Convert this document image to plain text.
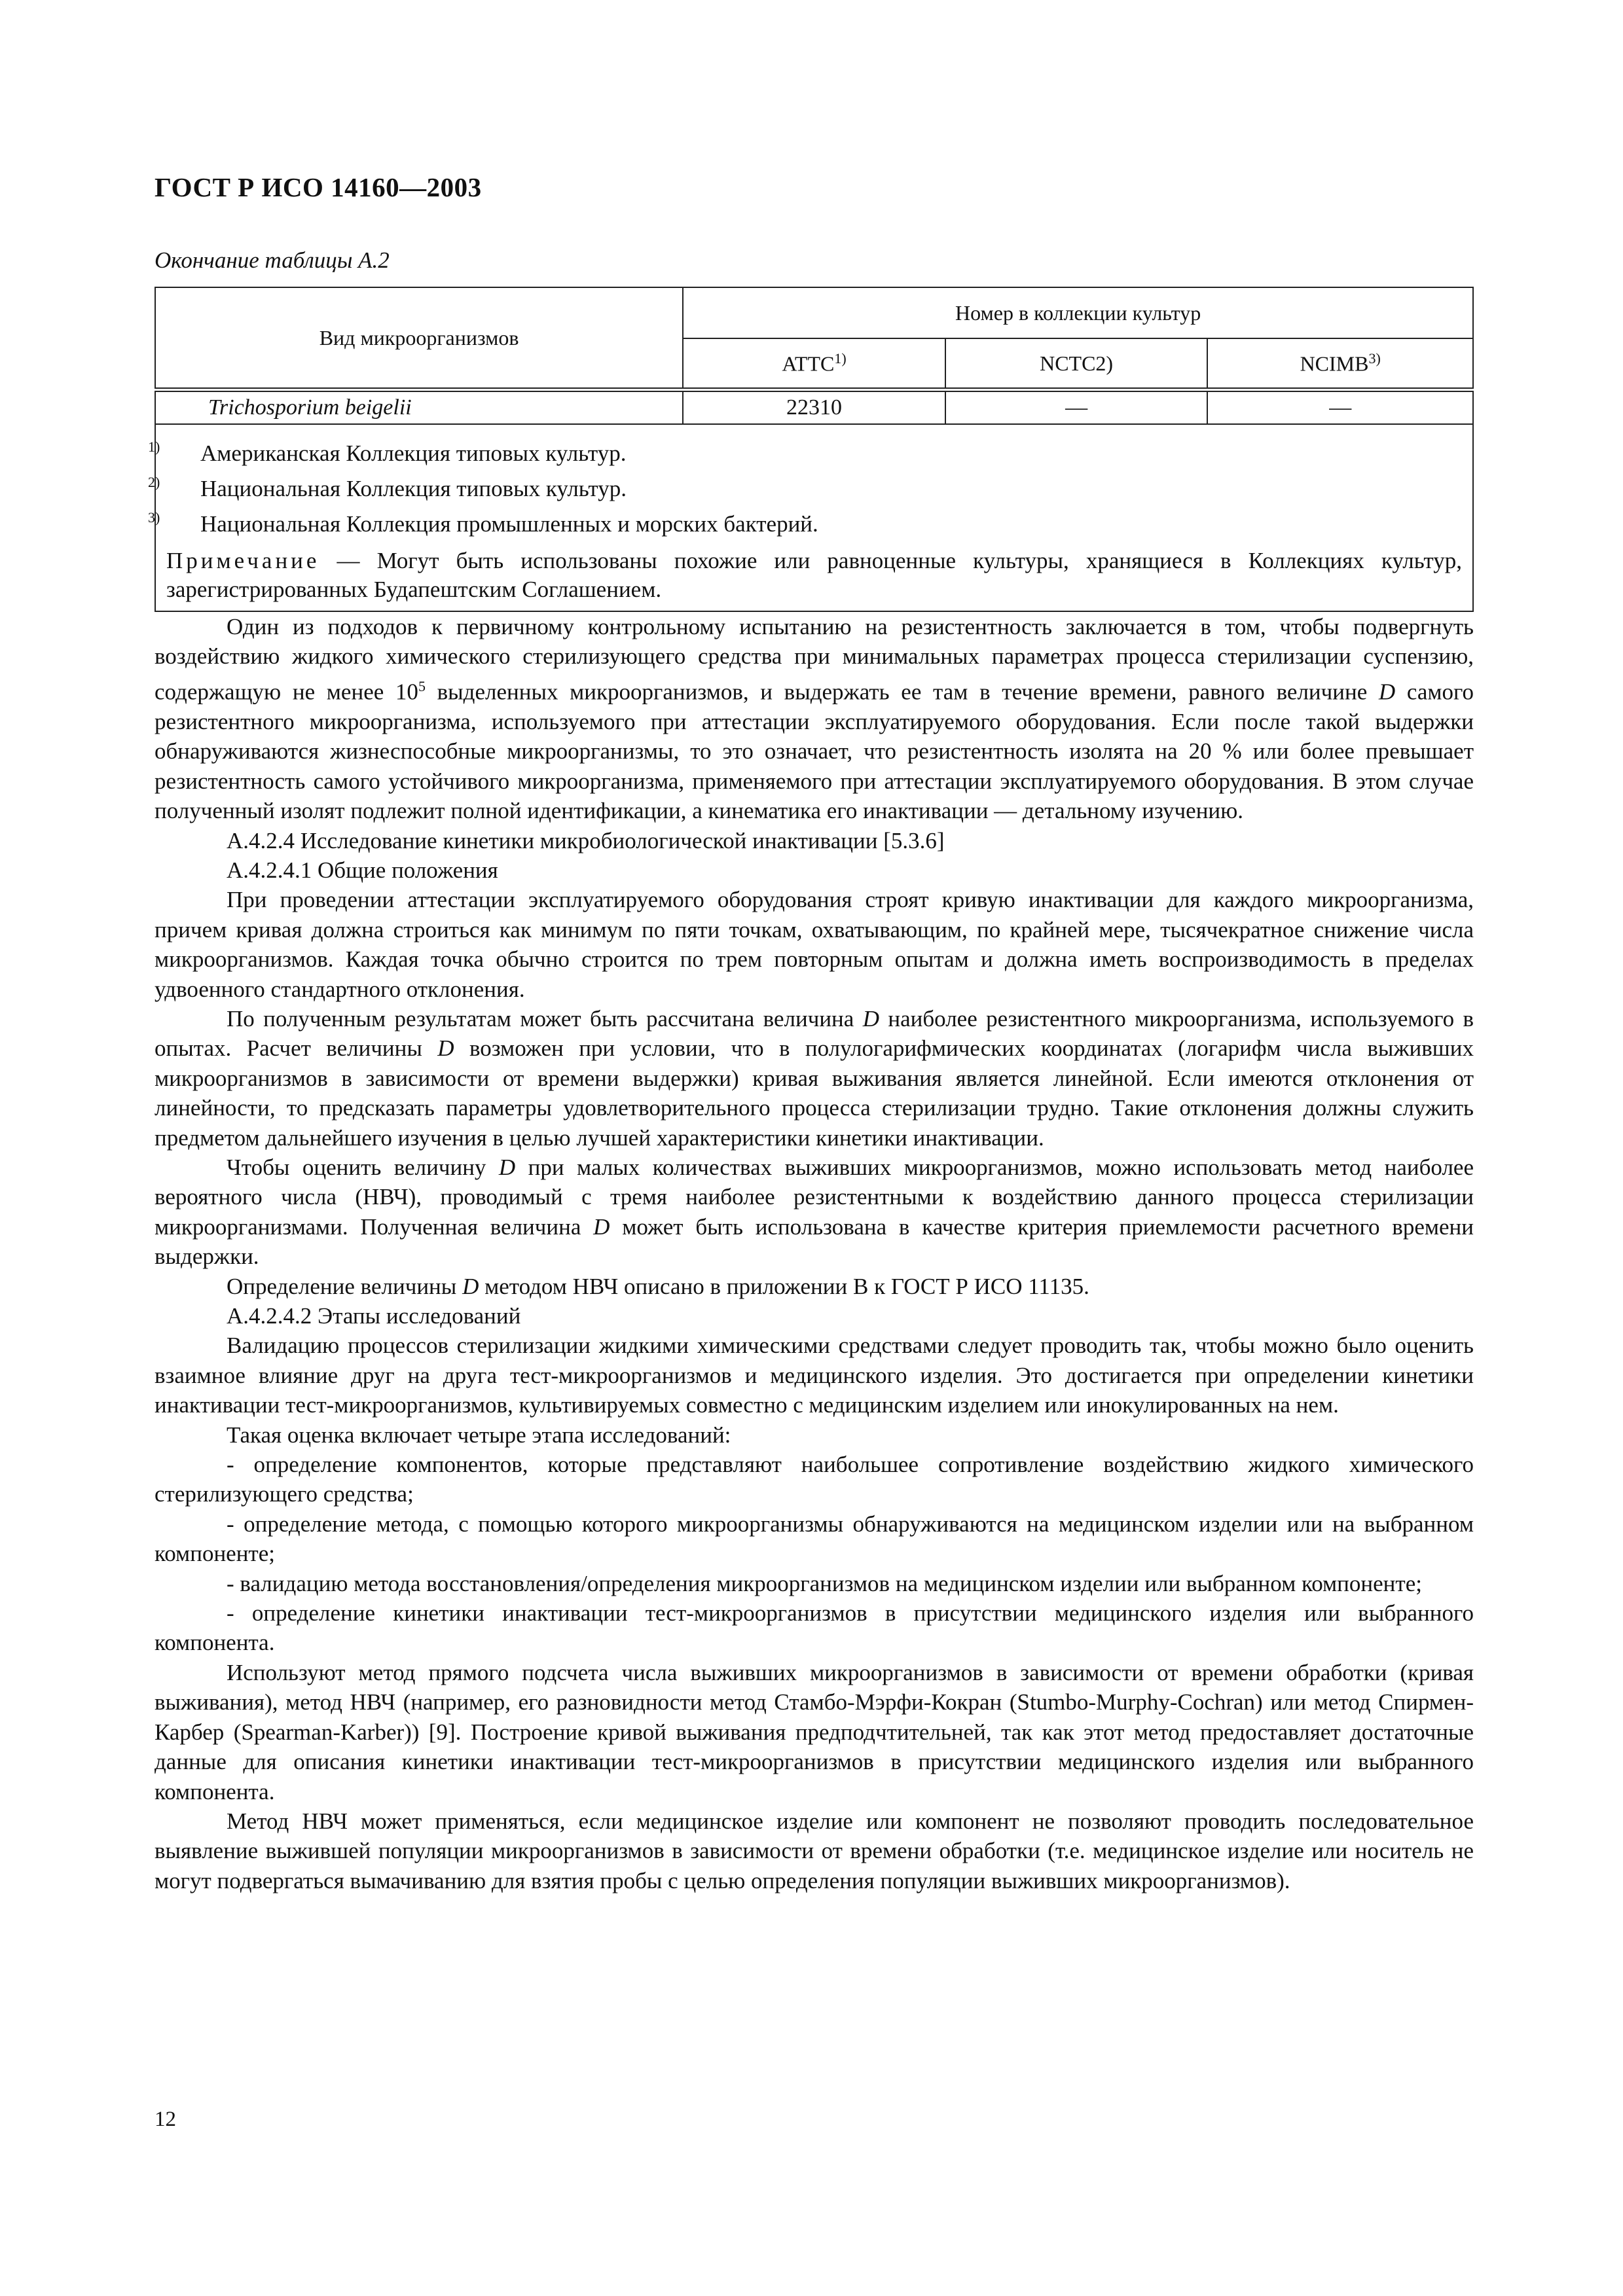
ГОСТ Р ИСО 14160—2003
Окончание таблицы А.2
Вид микроорганизмов	Номер в коллекции культур		
	ATTC$^{1)}$	NCTC2)	NCIMB$^{3)}$
Trichosporium beigelii	22310	—	—

$^{1)}$ Американская Коллекция типовых культур.
$^{2)}$ Национальная Коллекция типовых культур.
$^{3)}$ Национальная Коллекция промышленных и морских бактерий.
Примечание — Могут быть использованы похожие или равноценные культуры, хранящиеся в Коллекциях культур, зарегистрированных Будапештским Соглашением.			

Один из подходов к первичному контрольному испытанию на резистентность заключается в том, чтобы подвергнуть воздействию жидкого химического стерилизующего средства при минимальных параметрах процесса стерилизации суспензию, содержащую не менее $10^5$ выделенных микроорганизмов, и выдержать ее там в течение времени, равного величине D самого резистентного микроорганизма, используемого при аттестации эксплуатируемого оборудования. Если после такой выдержки обнаруживаются жизнеспособные микроорганизмы, то это означает, что резистентность изолята на 20 % или более превышает резистентность самого устойчивого микроорганизма, применяемого при аттестации эксплуатируемого оборудования. В этом случае полученный изолят подлежит полной идентификации, а кинематика его инактивации — детальному изучению.

А.4.2.4 Исследование кинетики микробиологической инактивации [5.3.6]

А.4.2.4.1 Общие положения

При проведении аттестации эксплуатируемого оборудования строят кривую инактивации для каждого микроорганизма, причем кривая должна строиться как минимум по пяти точкам, охватывающим, по крайней мере, тысячекратное снижение числа микроорганизмов. Каждая точка обычно строится по трем повторным опытам и должна иметь воспроизводимость в пределах удвоенного стандартного отклонения.

По полученным результатам может быть рассчитана величина D наиболее резистентного микроорганизма, используемого в опытах. Расчет величины D возможен при условии, что в полулогарифмических координатах (логарифм числа выживших микроорганизмов в зависимости от времени выдержки) кривая выживания является линейной. Если имеются отклонения от линейности, то предсказать параметры удовлетворительного процесса стерилизации трудно. Такие отклонения должны служить предметом дальнейшего изучения в целью лучшей характеристики кинетики инактивации.

Чтобы оценить величину D при малых количествах выживших микроорганизмов, можно использовать метод наиболее вероятного числа (НВЧ), проводимый с тремя наиболее резистентными к воздействию данного процесса стерилизации микроорганизмами. Полученная величина D может быть использована в качестве критерия приемлемости расчетного времени выдержки.

Определение величины D методом НВЧ описано в приложении В к ГОСТ Р ИСО 11135.

А.4.2.4.2 Этапы исследований

Валидацию процессов стерилизации жидкими химическими средствами следует проводить так, чтобы можно было оценить взаимное влияние друг на друга тест-микроорганизмов и медицинского изделия. Это достигается при определении кинетики инактивации тест-микроорганизмов, культивируемых совместно с медицинским изделием или инокулированных на нем.

Такая оценка включает четыре этапа исследований:

- определение компонентов, которые представляют наибольшее сопротивление воздействию жидкого химического стерилизующего средства;

- определение метода, с помощью которого микроорганизмы обнаруживаются на медицинском изделии или на выбранном компоненте;

- валидацию метода восстановления/определения микроорганизмов на медицинском изделии или выбранном компоненте;

- определение кинетики инактивации тест-микроорганизмов в присутствии медицинского изделия или выбранного компонента.

Используют метод прямого подсчета числа выживших микроорганизмов в зависимости от времени обработки (кривая выживания), метод НВЧ (например, его разновидности метод Стамбо-Мэрфи-Кокран (Stumbo-Murphy-Cochran) или метод Спирмен-Карбер (Spearman-Karber)) [9]. Построение кривой выживания предподчтительней, так как этот метод предоставляет достаточные данные для описания кинетики инактивации тест-микроорганизмов в присутствии медицинского изделия или выбранного компонента.

Метод НВЧ может применяться, если медицинское изделие или компонент не позволяют проводить последовательное выявление выжившей популяции микроорганизмов в зависимости от времени обработки (т.е. медицинское изделие или носитель не могут подвергаться вымачиванию для взятия пробы с целью определения популяции выживших микроорганизмов).

12
